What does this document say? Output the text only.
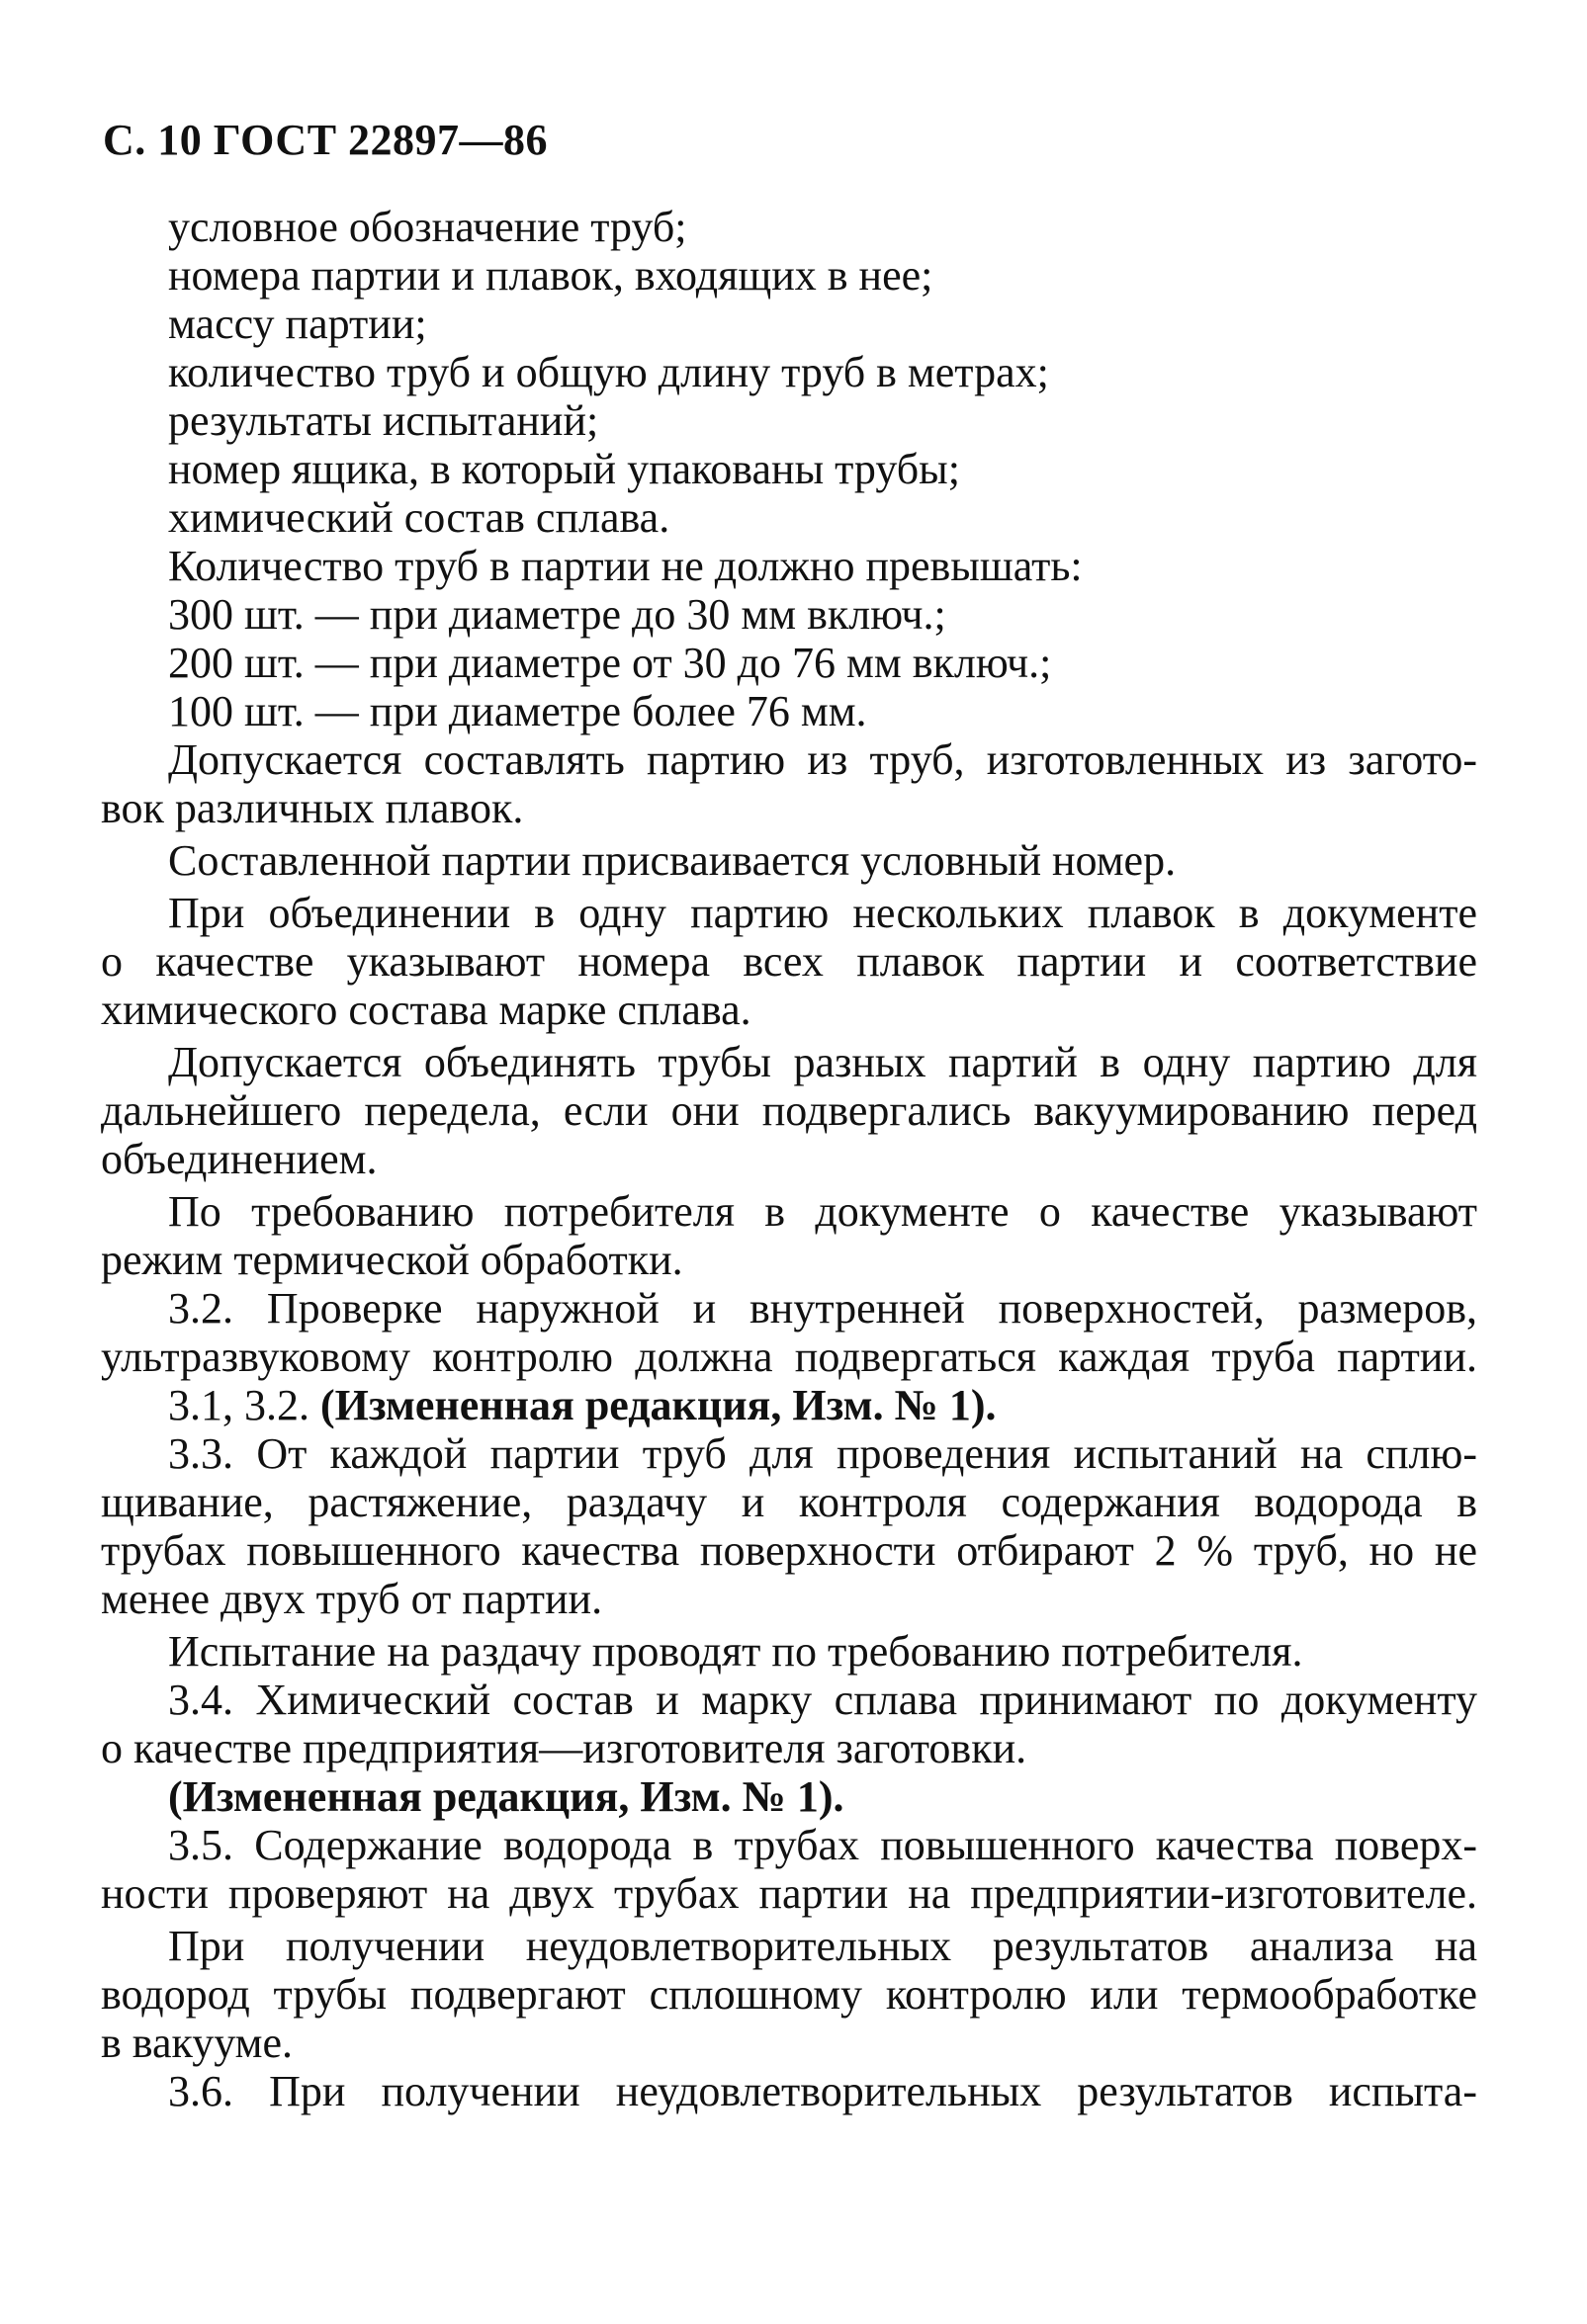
С. 10 ГОСТ 22897—86
условное обозначение труб;
номера партии и плавок, входящих в нее;
массу партии;
количество труб и общую длину труб в метрах;
результаты испытаний;
номер ящика, в который упакованы трубы;
химический состав сплава.
Количество труб в партии не должно превышать:
300 шт. — при диаметре до 30 мм включ.;
200 шт. — при диаметре от 30 до 76 мм включ.;
100 шт. — при диаметре более 76 мм.
Допускается составлять партию из труб, изготовленных из загото-
вок различных плавок.
Составленной партии присваивается условный номер.
При объединении в одну партию нескольких плавок в документе
о качестве указывают номера всех плавок партии и соответствие
химического состава марке сплава.
Допускается объединять трубы разных партий в одну партию для
дальнейшего передела, если они подвергались вакуумированию перед
объединением.
По требованию потребителя в документе о качестве указывают
режим термической обработки.
3.2. Проверке наружной и внутренней поверхностей, размеров,
ультразвуковому контролю должна подвергаться каждая труба партии.
3.1, 3.2. (Измененная редакция, Изм. № 1).
3.3. От каждой партии труб для проведения испытаний на сплю-
щивание, растяжение, раздачу и контроля содержания водорода в
трубах повышенного качества поверхности отбирают 2 % труб, но не
менее двух труб от партии.
Испытание на раздачу проводят по требованию потребителя.
3.4. Химический состав и марку сплава принимают по документу
о качестве предприятия—изготовителя заготовки.
(Измененная редакция, Изм. № 1).
3.5. Содержание водорода в трубах повышенного качества поверх-
ности проверяют на двух трубах партии на предприятии-изготовителе.
При получении неудовлетворительных результатов анализа на
водород трубы подвергают сплошному контролю или термообработке
в вакууме.
3.6. При получении неудовлетворительных результатов испыта-
